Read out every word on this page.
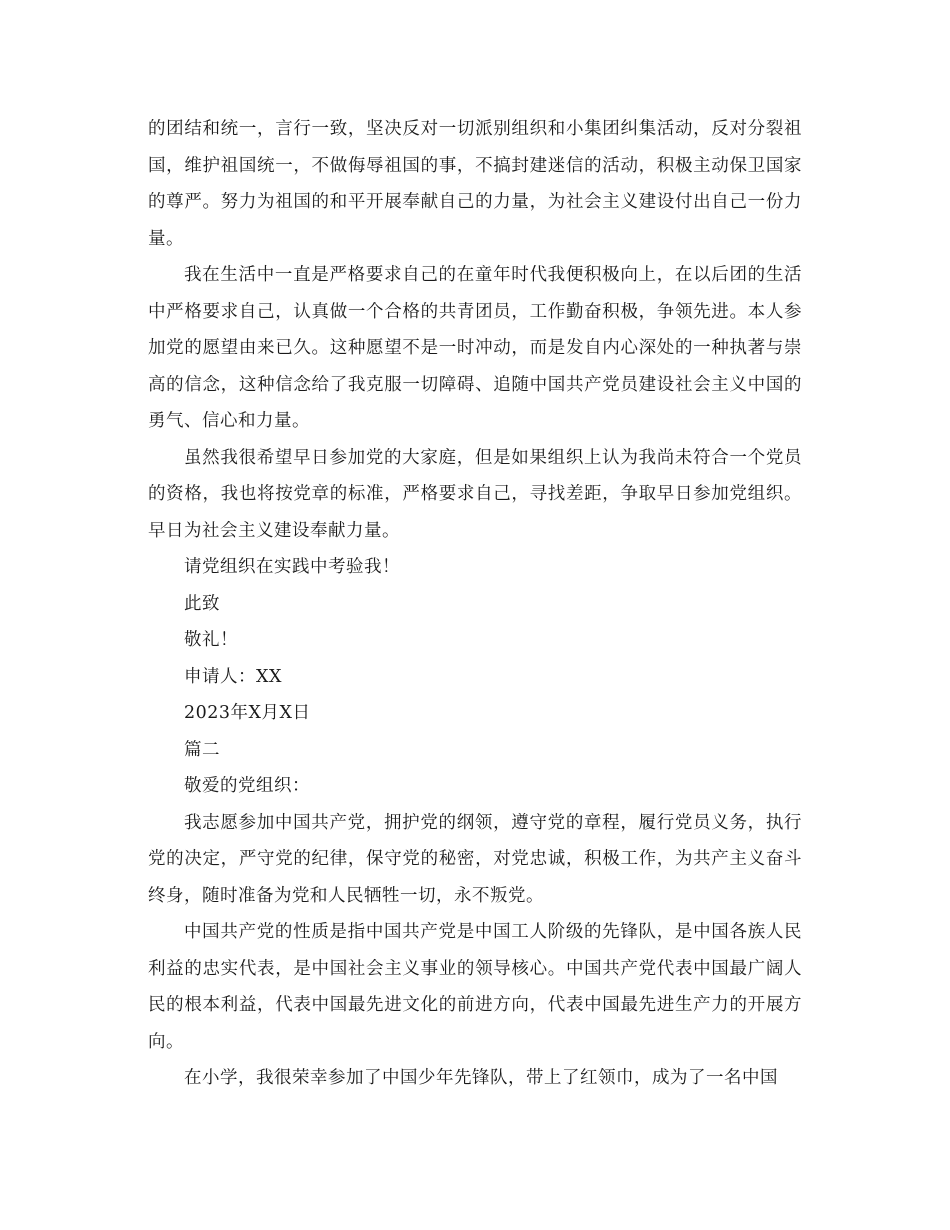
的团结和统一，言行一致，坚决反对一切派别组织和小集团纠集活动，反对分裂祖国，维护祖国统一，不做侮辱祖国的事，不搞封建迷信的活动，积极主动保卫国家的尊严。努力为祖国的和平开展奉献自己的力量，为社会主义建设付出自己一份力量。

我在生活中一直是严格要求自己的在童年时代我便积极向上，在以后团的生活中严格要求自己，认真做一个合格的共青团员，工作勤奋积极，争领先进。本人参加党的愿望由来已久。这种愿望不是一时冲动，而是发自内心深处的一种执著与崇高的信念，这种信念给了我克服一切障碍、追随中国共产党员建设社会主义中国的勇气、信心和力量。

虽然我很希望早日参加党的大家庭，但是如果组织上认为我尚未符合一个党员的资格，我也将按党章的标准，严格要求自己，寻找差距，争取早日参加党组织。早日为社会主义建设奉献力量。

请党组织在实践中考验我！

此致

敬礼！

申请人：XX

2023年X月X日

篇二

敬爱的党组织：

我志愿参加中国共产党，拥护党的纲领，遵守党的章程，履行党员义务，执行党的决定，严守党的纪律，保守党的秘密，对党忠诚，积极工作，为共产主义奋斗终身，随时准备为党和人民牺牲一切，永不叛党。

中国共产党的性质是指中国共产党是中国工人阶级的先锋队，是中国各族人民利益的忠实代表，是中国社会主义事业的领导核心。中国共产党代表中国最广阔人民的根本利益，代表中国最先进文化的前进方向，代表中国最先进生产力的开展方向。

在小学，我很荣幸参加了中国少年先锋队，带上了红领巾，成为了一名中国
